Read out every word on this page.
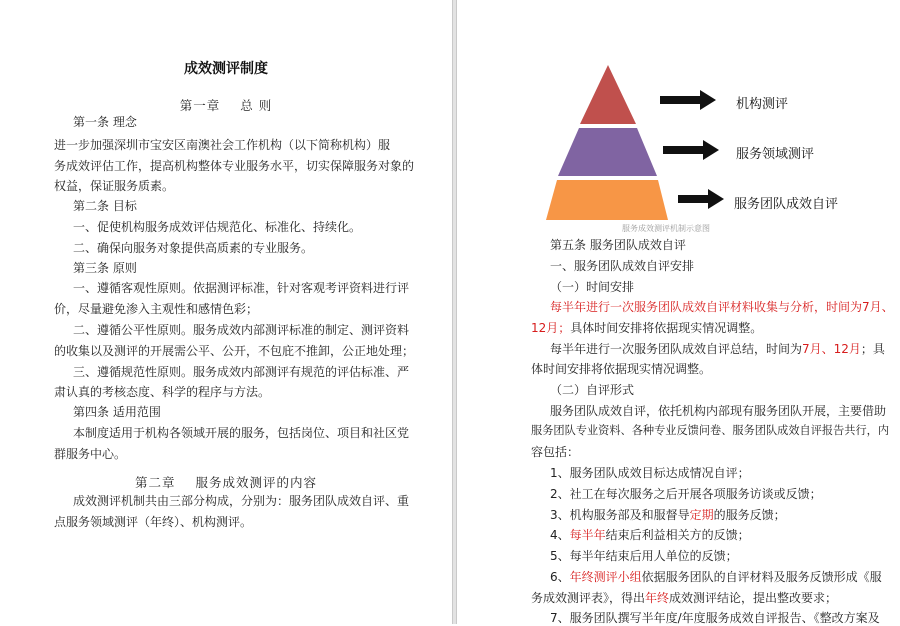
成效测评制度
第一章 总 则
第一条 理念
进一步加强深圳市宝安区南澳社会工作机构（以下简称机构）服
务成效评估工作，提高机构整体专业服务水平，切实保障服务对象的
权益，保证服务质素。
第二条 目标
一、促使机构服务成效评估规范化、标准化、持续化。
二、确保向服务对象提供高质素的专业服务。
第三条 原则
一、遵循客观性原则。依据测评标准，针对客观考评资料进行评
价，尽量避免渗入主观性和感情色彩；
二、遵循公平性原则。服务成效内部测评标准的制定、测评资料
的收集以及测评的开展需公平、公开，不包庇不推卸，公正地处理；
三、遵循规范性原则。服务成效内部测评有规范的评估标准、严
肃认真的考核态度、科学的程序与方法。
第四条 适用范围
本制度适用于机构各领域开展的服务，包括岗位、项目和社区党
群服务中心。
第二章 服务成效测评的内容
成效测评机制共由三部分构成，分别为：服务团队成效自评、重
点服务领域测评（年终）、机构测评。
机构测评
服务领域测评
服务团队成效自评
服务成效测评机制示意图
第五条 服务团队成效自评
一、服务团队成效自评安排
（一）时间安排
每半年进行一次服务团队成效自评材料收集与分析，时间为7月、
12月；具体时间安排将依据现实情况调整。
每半年进行一次服务团队成效自评总结，时间为7月、12月；具
体时间安排将依据现实情况调整。
（二）自评形式
服务团队成效自评，依托机构内部现有服务团队开展，主要借助
服务团队专业资料、各种专业反馈问卷、服务团队成效自评报告共行，内
容包括：
1、服务团队成效目标达成情况自评；
2、社工在每次服务之后开展各项服务访谈或反馈；
3、机构服务部及和服督导定期的服务反馈；
4、每半年结束后利益相关方的反馈；
5、每半年结束后用人单位的反馈；
6、年终测评小组依据服务团队的自评材料及服务反馈形成《服
务成效测评表》，得出年终成效测评结论，提出整改要求；
7、服务团队撰写半年度/年度服务成效自评报告、《整改方案及
